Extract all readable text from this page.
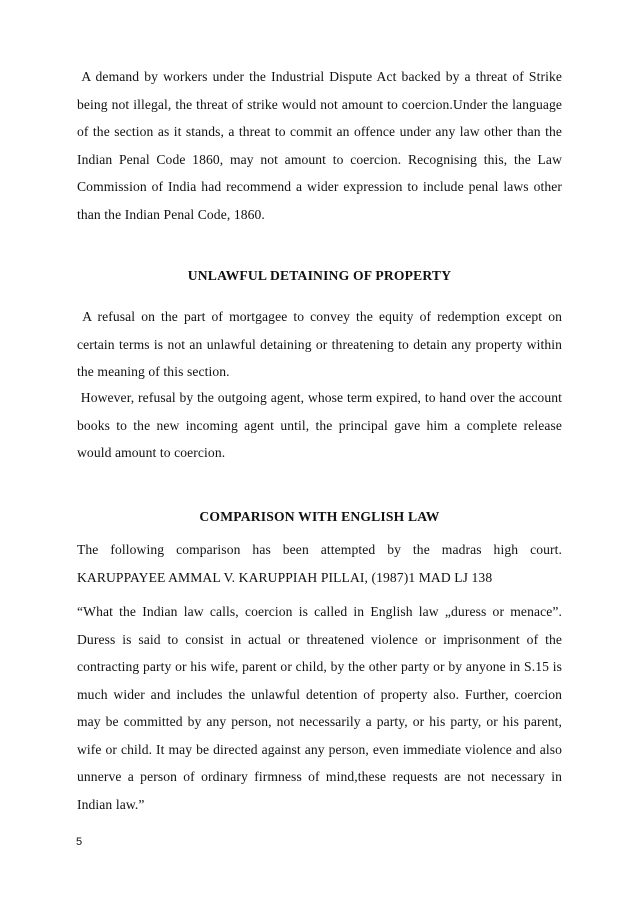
A demand by workers under the Industrial Dispute Act backed by a threat of Strike being not illegal, the threat of strike would not amount to coercion.Under the language of the section as it stands, a threat to commit an offence under any law other than the Indian Penal Code 1860, may not amount to coercion. Recognising this, the Law Commission of India had recommend a wider expression to include penal laws other than the Indian Penal Code, 1860.

UNLAWFUL DETAINING OF PROPERTY

A refusal on the part of mortgagee to convey the equity of redemption except on certain terms is not an unlawful detaining or threatening to detain any property within the meaning of this section.

However, refusal by the outgoing agent, whose term expired, to hand over the account books to the new incoming agent until, the principal gave him a complete release would amount to coercion.

COMPARISON WITH ENGLISH LAW

The following comparison has been attempted by the madras high court. KARUPPAYEE AMMAL V. KARUPPIAH PILLAI, (1987)1 MAD LJ 138

“What the Indian law calls, coercion is called in English law „duress or menace”. Duress is said to consist in actual or threatened violence or imprisonment of the contracting party or his wife, parent or child, by the other party or by anyone in S.15 is much wider and includes the unlawful detention of property also. Further, coercion may be committed by any person, not necessarily a party, or his party, or his parent, wife or child. It may be directed against any person, even immediate violence and also unnerve a person of ordinary firmness of mind,these requests are not necessary in Indian law.”

5
